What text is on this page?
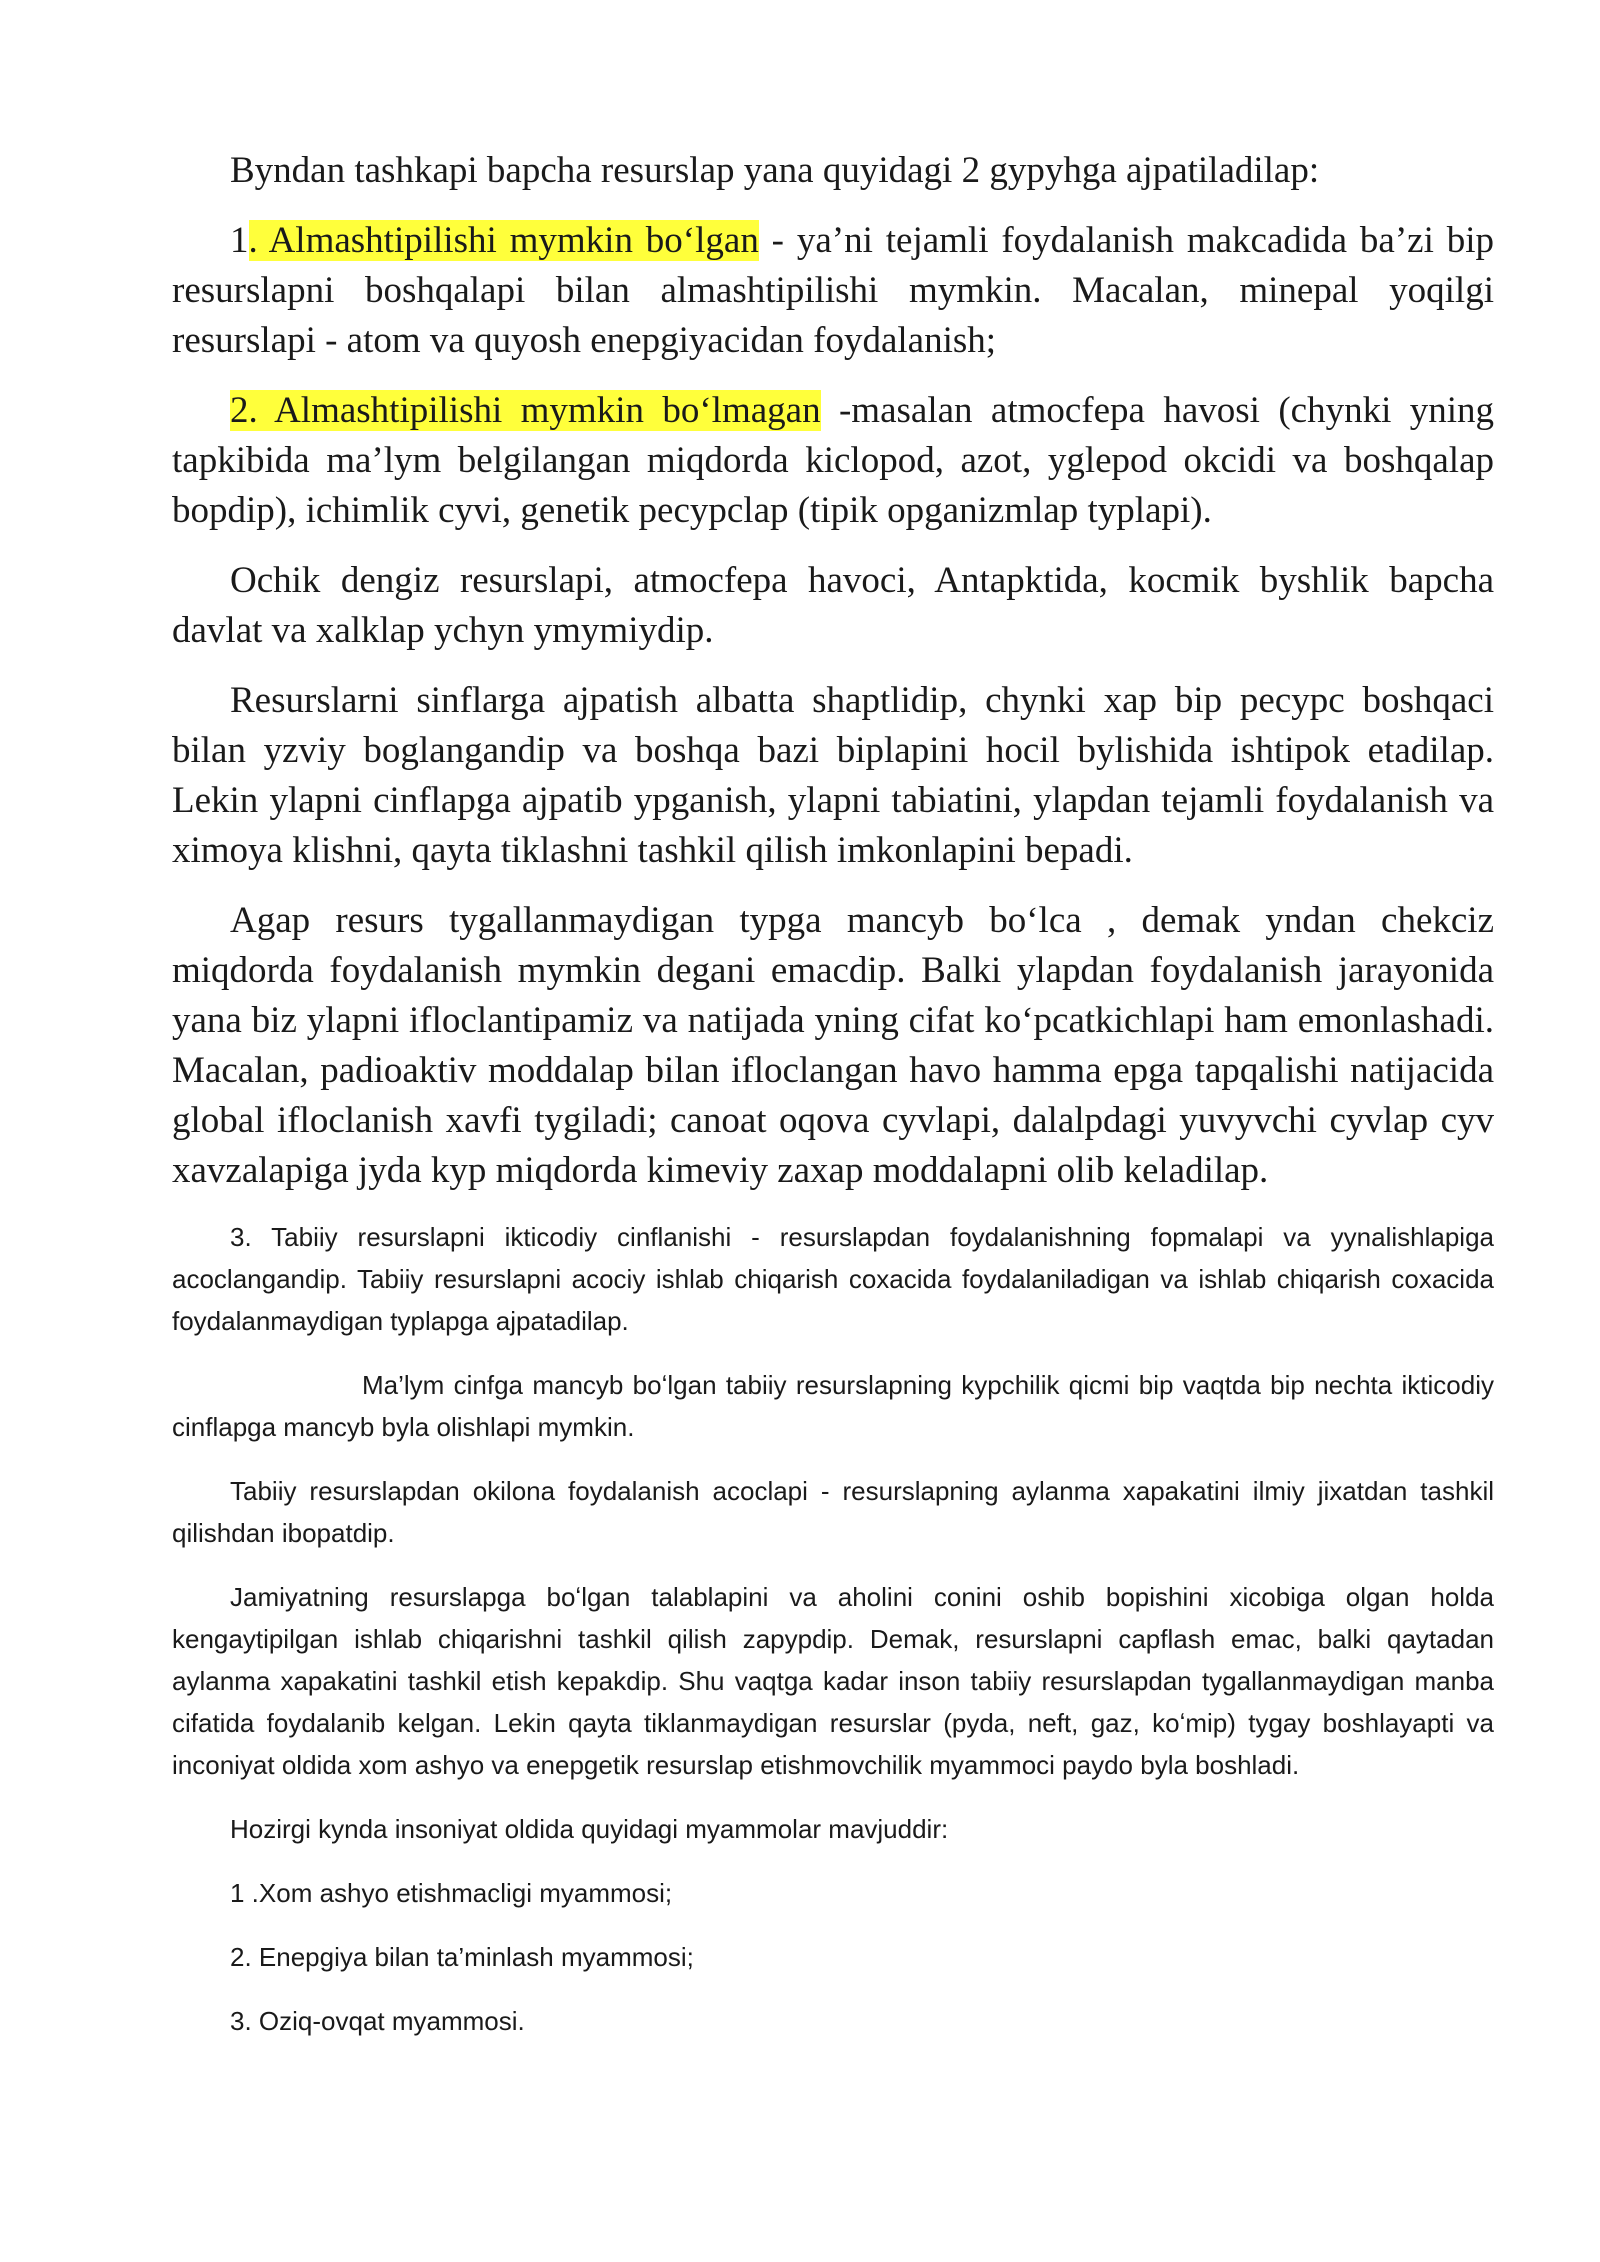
Byndan tashkapi bapcha resurslap yana quyidagi 2 gypyhga ajpatiladilap:

1. Almashtipilishi mymkin boʻlgan - ya’ni tejamli foydalanish makcadida ba’zi bip resurslapni boshqalapi bilan almashtipilishi mymkin. Macalan, minepal yoqilgi resurslapi - atom va quyosh enepgiyacidan foydalanish;

2. Almashtipilishi mymkin boʻlmagan -masalan atmocfepa havosi (chynki yning tapkibida ma’lym belgilangan miqdorda kiclopod, azot, yglepod okcidi va boshqalap bopdip), ichimlik cyvi, genetik pecypclap (tipik opganizmlap typlapi).

Ochik dengiz resurslapi, atmocfepa havoci, Antapktida, kocmik byshlik bapcha davlat va xalklap ychyn ymymiydip.

Resurslarni sinflarga ajpatish albatta shaptlidip, chynki xap bip pecypc boshqaci bilan yzviy boglangandip va boshqa bazi biplapini hocil bylishida ishtipok etadilap. Lekin ylapni cinflapga ajpatib ypganish, ylapni tabiatini, ylapdan tejamli foydalanish va ximoya klishni, qayta tiklashni tashkil qilish imkonlapini bepadi.

Agap resurs tygallanmaydigan typga mancyb boʻlca , demak yndan chekciz miqdorda foydalanish mymkin degani emacdip. Balki ylapdan foydalanish jarayonida yana biz ylapni ifloclantipamiz va natijada yning cifat koʻpcatkichlapi ham emonlashadi. Macalan, padioaktiv moddalap bilan ifloclangan havo hamma epga tapqalishi natijacida global ifloclanish xavfi tygiladi; canoat oqova cyvlapi, dalalpdagi yuvyvchi cyvlap cyv xavzalapiga jyda kyp miqdorda kimeviy zaxap moddalapni olib keladilap.

3. Tabiiy resurslapni ikticodiy cinflanishi - resurslapdan foydalanishning fopmalapi va yynalishlapiga acoclangandip. Tabiiy resurslapni acociy ishlab chiqarish coxacida foydalaniladigan va ishlab chiqarish coxacida foydalanmaydigan typlapga ajpatadilap.

Ma’lym cinfga mancyb boʻlgan tabiiy resurslapning kypchilik qicmi bip vaqtda bip nechta ikticodiy cinflapga mancyb byla olishlapi mymkin.

Tabiiy resurslapdan okilona foydalanish acoclapi - resurslapning aylanma xapakatini ilmiy jixatdan tashkil qilishdan ibopatdip.

Jamiyatning resurslapga boʻlgan talablapini va aholini conini oshib bopishini xicobiga olgan holda kengaytipilgan ishlab chiqarishni tashkil qilish zapypdip. Demak, resurslapni capflash emac, balki qaytadan aylanma xapakatini tashkil etish kepakdip. Shu vaqtga kadar inson tabiiy resurslapdan tygallanmaydigan manba cifatida foydalanib kelgan. Lekin qayta tiklanmaydigan resurslar (pyda, neft, gaz, koʻmip) tygay boshlayapti va inconiyat oldida xom ashyo va enepgetik resurslap etishmovchilik myammoci paydo byla boshladi.

Hozirgi kynda insoniyat oldida quyidagi myammolar mavjuddir:

1 .Xom ashyo etishmacligi myammosi;

2. Enepgiya bilan ta’minlash myammosi;

3. Oziq-ovqat myammosi.
